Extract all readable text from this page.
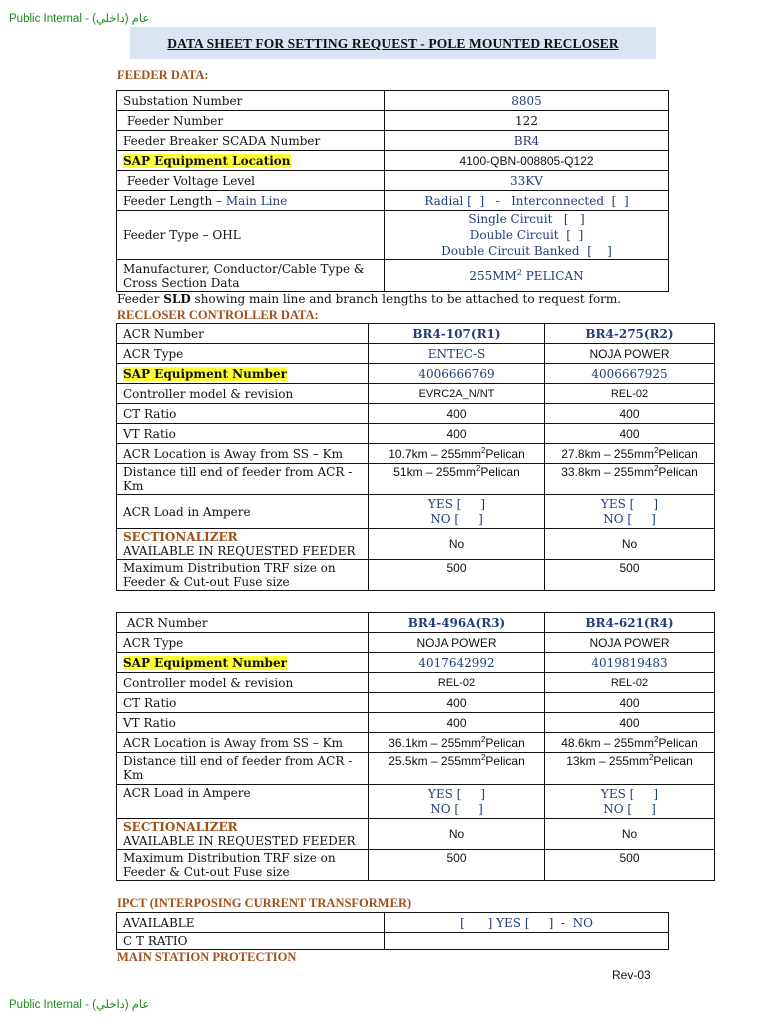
Public Internal - عام (داخلي)
DATA SHEET FOR SETTING REQUEST - POLE MOUNTED RECLOSER
FEEDER DATA:
Substation Number	8805
Feeder Number	122
Feeder Breaker SCADA Number	BR4
SAP Equipment Location	4100-QBN-008805-Q122
Feeder Voltage Level	33KV
Feeder Length – Main Line	Radial [  ]   -   Interconnected  [  ]
Feeder Type – OHL	Single Circuit   [   ]
Double Circuit  [  ]
Double Circuit Banked  [    ]

Manufacturer, Conductor/Cable Type &
Cross Section Data	$255MM^2$ PELICAN
Feeder SLD showing main line and branch lengths to be attached to request form.
RECLOSER CONTROLLER DATA:
ACR Number	BR4-107(R1)	BR4-275(R2)
ACR Type	ENTEC-S	NOJA POWER
SAP Equipment Number	4006666769	4006667925
Controller model & revision	EVRC2A_N/NT	REL-02
CT Ratio	400	400
VT Ratio	400	400
ACR Location is Away from SS – Km	$10.7km - 255mm^2Pelican$	$27.8km - 255mm^2Pelican$

Distance till end of feeder from ACR -
Km	$51km - 255mm^2Pelican$	$33.8km - 255mm^2Pelican$
ACR Load in Ampere	YES [     ]
NO [     ]	YES [     ]
NO [     ]

SECTIONALIZER
AVAILABLE IN REQUESTED FEEDER	No	No

Maximum Distribution TRF size on
Feeder & Cut-out Fuse size	500	500
ACR Number	BR4-496A(R3)	BR4-621(R4)
ACR Type	NOJA POWER	NOJA POWER
SAP Equipment Number	4017642992	4019819483
Controller model & revision	REL-02	REL-02
CT Ratio	400	400
VT Ratio	400	400
ACR Location is Away from SS – Km	$36.1km - 255mm^2Pelican$	$48.6km - 255mm^2Pelican$

Distance till end of feeder from ACR -
Km	$25.5km - 255mm^2Pelican$	$13km - 255mm^2Pelican$
ACR Load in Ampere	YES [     ]
NO [     ]	YES [     ]
NO [     ]

SECTIONALIZER
AVAILABLE IN REQUESTED FEEDER	No	No

Maximum Distribution TRF size on
Feeder & Cut-out Fuse size	500	500
IPCT (INTERPOSING CURRENT TRANSFORMER)
AVAILABLE	[      ] YES [     ]  -  NO
C T RATIO	
MAIN STATION PROTECTION
Rev-03
Public Internal - عام (داخلي)
